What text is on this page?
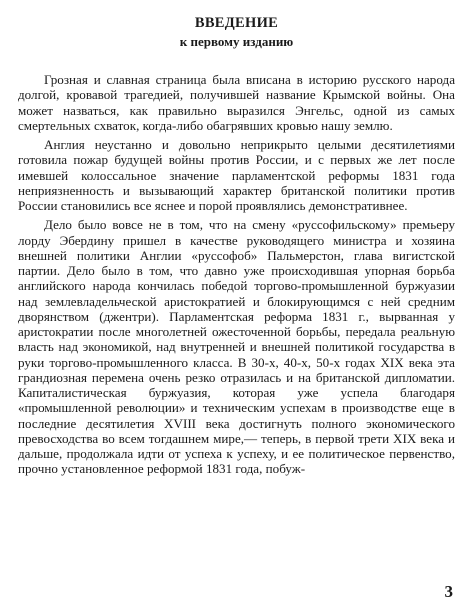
ВВЕДЕНИЕ
к первому изданию

Грозная и славная страница была вписана в историю русского народа долгой, кровавой трагедией, получившей название Крымской войны. Она может назваться, как правильно выразился Энгельс, одной из самых смертельных схваток, когда-либо обагрявших кровью нашу землю.

Англия неустанно и довольно неприкрыто целыми десятилетиями готовила пожар будущей войны против России, и с первых же лет после имевшей колоссальное значение парламентской реформы 1831 года неприязненность и вызывающий характер британской политики против России становились все яснее и порой проявлялись демонстративнее.

Дело было вовсе не в том, что на смену «руссофильскому» премьеру лорду Эбердину пришел в качестве руководящего министра и хозяина внешней политики Англии «руссофоб» Пальмерстон, глава вигистской партии. Дело было в том, что давно уже происходившая упорная борьба английского народа кончилась победой торгово-промышленной буржуазии над землевладельческой аристократией и блокирующимся с ней средним дворянством (джентри). Парламентская реформа 1831 г., вырванная у аристократии после многолетней ожесточенной борьбы, передала реальную власть над экономикой, над внутренней и внешней политикой государства в руки торгово-промышленного класса. В 30-х, 40-х, 50-х годах XIX века эта грандиозная перемена очень резко отразилась и на британской дипломатии. Капиталистическая буржуазия, которая уже успела благодаря «промышленной революции» и техническим успехам в производстве еще в последние десятилетия XVIII века достигнуть полного экономического превосходства во всем тогдашнем мире,— теперь, в первой трети XIX века и дальше, продолжала идти от успеха к успеху, и ее политическое первенство, прочно установленное реформой 1831 года, побуж-

3
